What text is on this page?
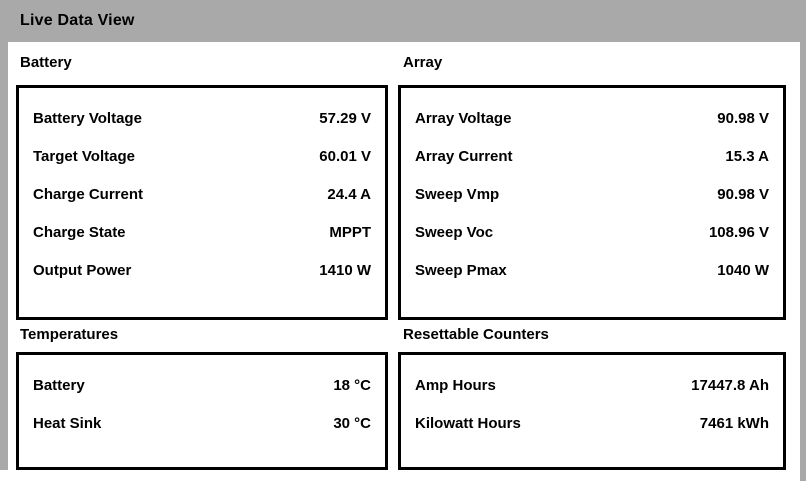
Live Data View
Battery
Battery Voltage	57.29 V
Target Voltage	60.01 V
Charge Current	24.4 A
Charge State	MPPT
Output Power	1410 W
Array
Array Voltage	90.98 V
Array Current	15.3 A
Sweep Vmp	90.98 V
Sweep Voc	108.96 V
Sweep Pmax	1040 W
Temperatures
Battery	18 °C
Heat Sink	30 °C
Resettable Counters
Amp Hours	17447.8 Ah
Kilowatt Hours	7461 kWh
